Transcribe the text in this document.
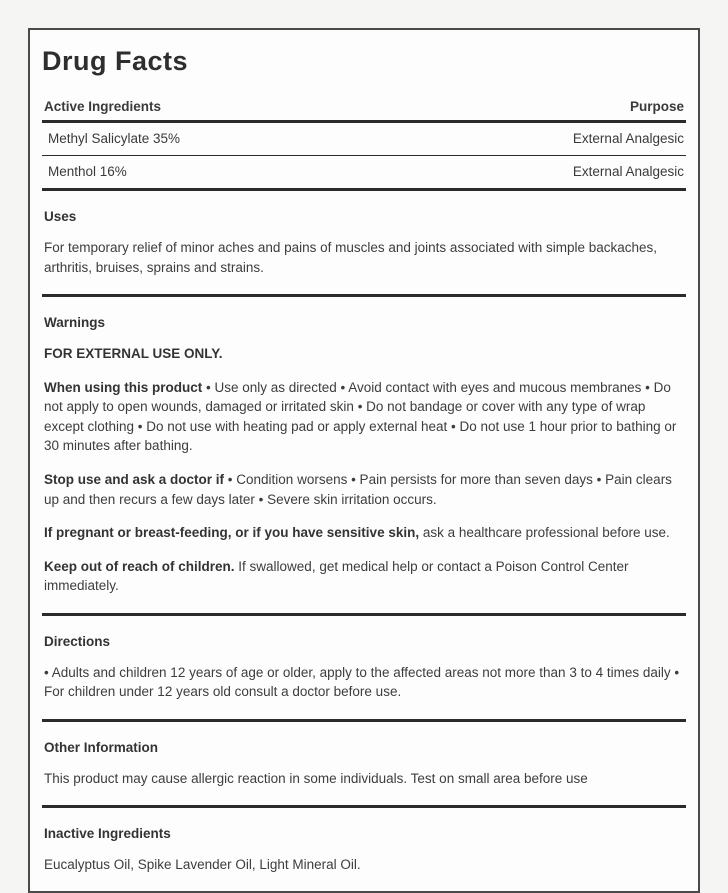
Drug Facts
Active Ingredients	Purpose
Methyl Salicylate 35%	External Analgesic
Menthol 16%	External Analgesic
Uses

For temporary relief of minor aches and pains of muscles and joints associated with simple backaches, arthritis, bruises, sprains and strains.

Warnings

FOR EXTERNAL USE ONLY.

When using this product • Use only as directed • Avoid contact with eyes and mucous membranes • Do not apply to open wounds, damaged or irritated skin • Do not bandage or cover with any type of wrap except clothing • Do not use with heating pad or apply external heat • Do not use 1 hour prior to bathing or 30 minutes after bathing.

Stop use and ask a doctor if • Condition worsens • Pain persists for more than seven days • Pain clears up and then recurs a few days later • Severe skin irritation occurs.

If pregnant or breast-feeding, or if you have sensitive skin, ask a healthcare professional before use.

Keep out of reach of children. If swallowed, get medical help or contact a Poison Control Center immediately.

Directions

• Adults and children 12 years of age or older, apply to the affected areas not more than 3 to 4 times daily • For children under 12 years old consult a doctor before use.

Other Information

This product may cause allergic reaction in some individuals. Test on small area before use

Inactive Ingredients

Eucalyptus Oil, Spike Lavender Oil, Light Mineral Oil.
